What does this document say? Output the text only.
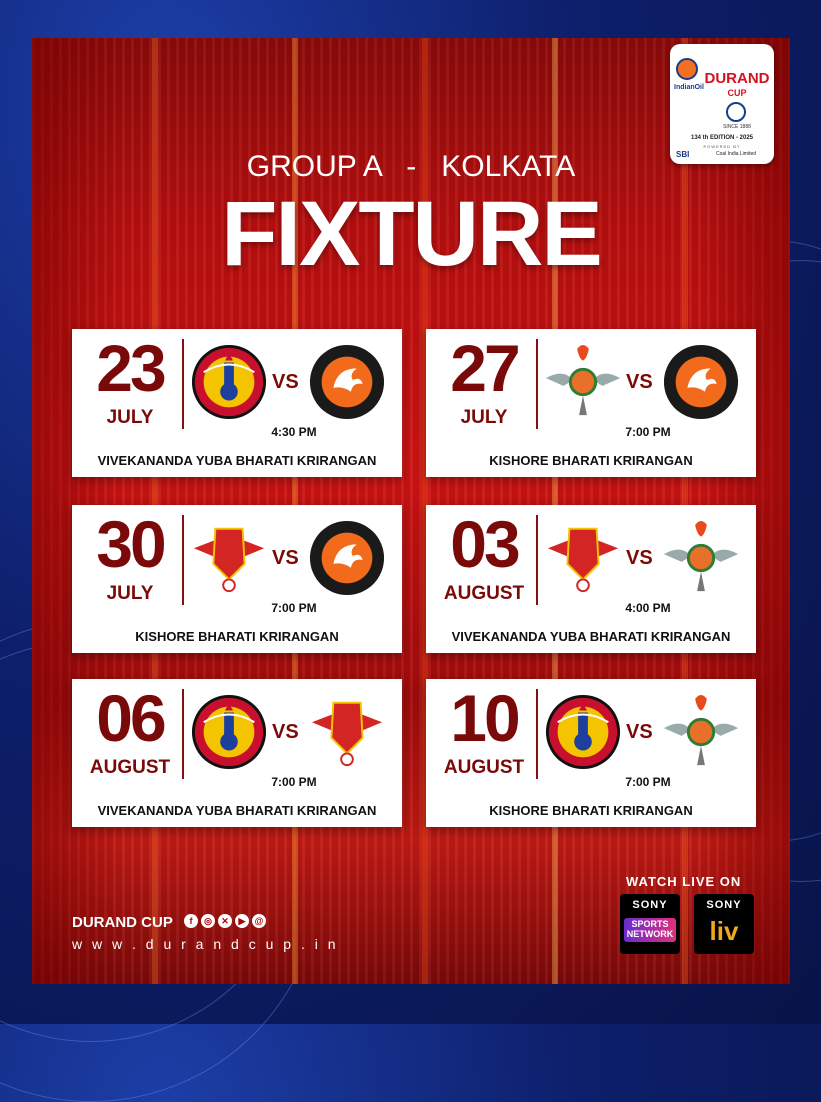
IndianOil
DURAND
CUP
SINCE 1888
134 th EDITION - 2025
POWERED BY
SBI	Coal India Limited
GROUP A   -   KOLKATA
FIXTURE
23
JULY
VS
4:30 PM
VIVEKANANDA YUBA BHARATI KRIRANGAN
27
JULY
VS
7:00 PM
KISHORE BHARATI KRIRANGAN
30
JULY
VS
7:00 PM
KISHORE BHARATI KRIRANGAN
03
AUGUST
VS
4:00 PM
VIVEKANANDA YUBA BHARATI KRIRANGAN
06
AUGUST
VS
7:00 PM
VIVEKANANDA YUBA BHARATI KRIRANGAN
10
AUGUST
VS
7:00 PM
KISHORE BHARATI KRIRANGAN
DURAND CUP	f	◎	✕	▶	@
w w w . d u r a n d c u p . i n
WATCH LIVE ON
SONY
SPORTS NETWORK
SONY
liv
